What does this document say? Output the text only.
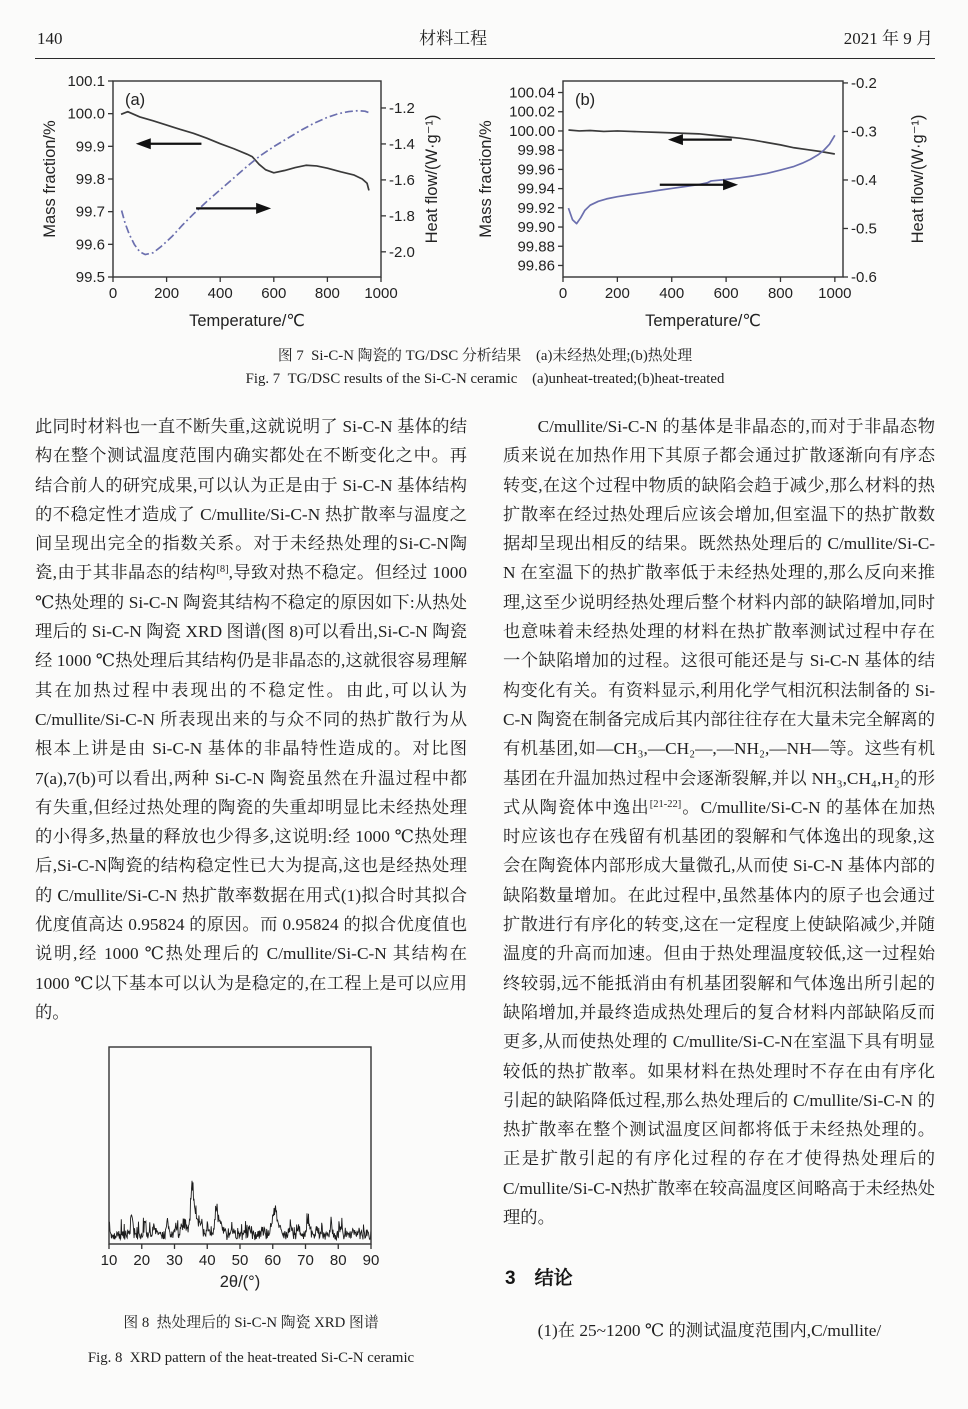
140	材料工程	2021 年 9 月
0 200 400 600 800 1000
99.5
99.6
99.7
99.8
99.9
100.0
100.1
-1.2
-1.4
-1.6
-1.8
-2.0
(a)
Temperature/℃
Mass fraction/%	Heat flow/(W·g⁻¹)
0	200 400 600 800 1000
99.86
99.88
99.90
99.92
99.94
99.96
99.98
100.00
100.02
100.04
-0.2
-0.3
-0.4
-0.5
-0.6
(b)
Temperature/℃
Mass fraction/%	Heat flow/(W·g⁻¹)
图 7 Si-C-N 陶瓷的 TG/DSC 分析结果  (a)未经热处理;(b)热处理
Fig. 7 TG/DSC results of the Si-C-N ceramic  (a)unheat-treated;(b)heat-treated

此同时材料也一直不断失重,这就说明了 Si-C-N 基体的结构在整个测试温度范围内确实都处在不断变化之中。再结合前人的研究成果,可以认为正是由于 Si-C-N 基体结构的不稳定性才造成了 C/mullite/Si-C-N 热扩散率与温度之间呈现出完全的指数关系。对于未经热处理的Si-C-N陶瓷,由于其非晶态的结构[8],导致对热不稳定。但经过 1000 ℃热处理的 Si-C-N 陶瓷其结构不稳定的原因如下:从热处理后的 Si-C-N 陶瓷 XRD 图谱(图 8)可以看出,Si-C-N 陶瓷经 1000 ℃热处理后其结构仍是非晶态的,这就很容易理解其在加热过程中表现出的不稳定性。由此,可以认为C/mullite/Si-C-N 所表现出来的与众不同的热扩散行为从根本上讲是由 Si-C-N 基体的非晶特性造成的。对比图 7(a),7(b)可以看出,两种 Si-C-N 陶瓷虽然在升温过程中都有失重,但经过热处理的陶瓷的失重却明显比未经热处理的小得多,热量的释放也少得多,这说明:经 1000 ℃热处理后,Si-C-N陶瓷的结构稳定性已大为提高,这也是经热处理的 C/mullite/Si-C-N 热扩散率数据在用式(1)拟合时其拟合优度值高达 0.95824 的原因。而 0.95824 的拟合优度值也说明,经 1000 ℃热处理后的 C/mullite/Si-C-N 其结构在 1000 ℃以下基本可以认为是稳定的,在工程上是可以应用的。

10 20 30 40 50 60 70 80 90
2θ/(°)
图 8 热处理后的 Si-C-N 陶瓷 XRD 图谱
Fig. 8 XRD pattern of the heat-treated Si-C-N ceramic

C/mullite/Si-C-N 的基体是非晶态的,而对于非晶态物质来说在加热作用下其原子都会通过扩散逐渐向有序态转变,在这个过程中物质的缺陷会趋于减少,那么材料的热扩散率在经过热处理后应该会增加,但室温下的热扩散数据却呈现出相反的结果。既然热处理后的 C/mullite/Si-C-N 在室温下的热扩散率低于未经热处理的,那么反向来推理,这至少说明经热处理后整个材料内部的缺陷增加,同时也意味着未经热处理的材料在热扩散率测试过程中存在一个缺陷增加的过程。这很可能还是与 Si-C-N 基体的结构变化有关。有资料显示,利用化学气相沉积法制备的 Si-C-N 陶瓷在制备完成后其内部往往存在大量未完全解离的有机基团,如—CH₃,—CH₂—,—NH₂,—NH—等。这些有机基团在升温加热过程中会逐渐裂解,并以 NH₃,CH₄,H₂的形式从陶瓷体中逸出[21-22]。C/mullite/Si-C-N 的基体在加热时应该也存在残留有机基团的裂解和气体逸出的现象,这会在陶瓷体内部形成大量微孔,从而使 Si-C-N 基体内部的缺陷数量增加。在此过程中,虽然基体内的原子也会通过扩散进行有序化的转变,这在一定程度上使缺陷减少,并随温度的升高而加速。但由于热处理温度较低,这一过程始终较弱,远不能抵消由有机基团裂解和气体逸出所引起的缺陷增加,并最终造成热处理后的复合材料内部缺陷反而更多,从而使热处理的 C/mullite/Si-C-N在室温下具有明显较低的热扩散率。如果材料在热处理时不存在由有序化引起的缺陷降低过程,那么热处理后的 C/mullite/Si-C-N 的热扩散率在整个测试温度区间都将低于未经热处理的。正是扩散引起的有序化过程的存在才使得热处理后的C/mullite/Si-C-N热扩散率在较高温度区间略高于未经热处理的。

3  结论

(1)在 25~1200 ℃ 的测试温度范围内,C/mullite/
